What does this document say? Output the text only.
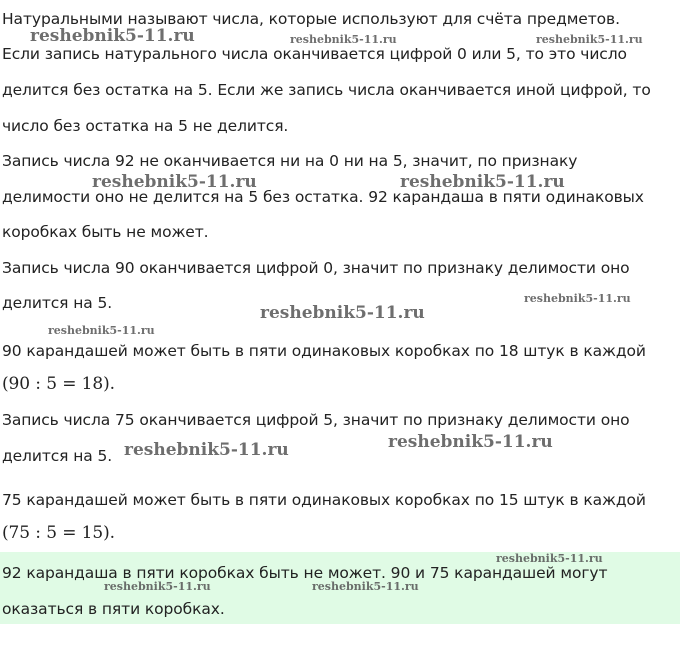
Натуральными называют числа, которые используют для счёта предметов.
Если запись натурального числа оканчивается цифрой 0 или 5, то это число
делится без остатка на 5. Если же запись числа оканчивается иной цифрой, то
число без остатка на 5 не делится.
Запись числа 92 не оканчивается ни на 0 ни на 5, значит, по признаку
делимости оно не делится на 5 без остатка. 92 карандаша в пяти одинаковых
коробках быть не может.
Запись числа 90 оканчивается цифрой 0, значит по признаку делимости оно
делится на 5.
90 карандашей может быть в пяти одинаковых коробках по 18 штук в каждой
(90 : 5 = 18).
Запись числа 75 оканчивается цифрой 5, значит по признаку делимости оно
делится на 5.
75 карандашей может быть в пяти одинаковых коробках по 15 штук в каждой
(75 : 5 = 15).
92 карандаша в пяти коробках быть не может. 90 и 75 карандашей могут
оказаться в пяти коробках.
reshebnik5-11.ru	reshebnik5-11.ru	reshebnik5-11.ru
reshebnik5-11.ru	reshebnik5-11.ru
reshebnik5-11.ru
reshebnik5-11.ru
reshebnik5-11.ru
reshebnik5-11.ru
reshebnik5-11.ru
reshebnik5-11.ru
reshebnik5-11.ru	reshebnik5-11.ru
